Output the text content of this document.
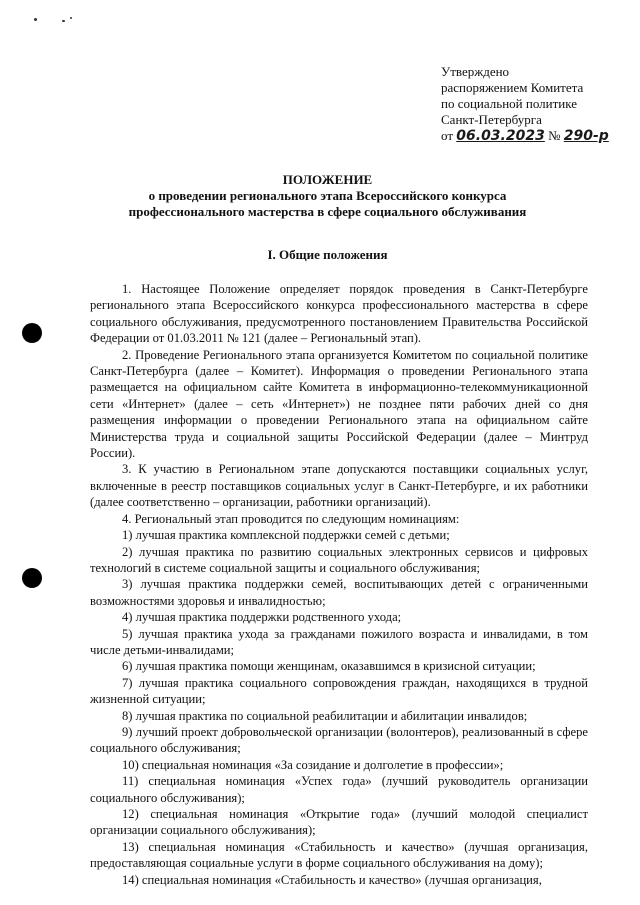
Утверждено
распоряжением Комитета
по социальной политике
Санкт-Петербурга
от 06.03.2023 № 290-р
ПОЛОЖЕНИЕ
о проведении регионального этапа Всероссийского конкурса профессионального мастерства в сфере социального обслуживания
I. Общие положения

1. Настоящее Положение определяет порядок проведения в Санкт-Петербурге регионального этапа Всероссийского конкурса профессионального мастерства в сфере социального обслуживания, предусмотренного постановлением Правительства Российской Федерации от 01.03.2011 № 121 (далее – Региональный этап).

2. Проведение Регионального этапа организуется Комитетом по социальной политике Санкт-Петербурга (далее – Комитет). Информация о проведении Регионального этапа размещается на официальном сайте Комитета в информационно-телекоммуникационной сети «Интернет» (далее – сеть «Интернет») не позднее пяти рабочих дней со дня размещения информации о проведении Регионального этапа на официальном сайте Министерства труда и социальной защиты Российской Федерации (далее – Минтруд России).

3. К участию в Региональном этапе допускаются поставщики социальных услуг, включенные в реестр поставщиков социальных услуг в Санкт-Петербурге, и их работники (далее соответственно – организации, работники организаций).

4. Региональный этап проводится по следующим номинациям:

1) лучшая практика комплексной поддержки семей с детьми;

2) лучшая практика по развитию социальных электронных сервисов и цифровых технологий в системе социальной защиты и социального обслуживания;

3) лучшая практика поддержки семей, воспитывающих детей с ограниченными возможностями здоровья и инвалидностью;

4) лучшая практика поддержки родственного ухода;

5) лучшая практика ухода за гражданами пожилого возраста и инвалидами, в том числе детьми-инвалидами;

6) лучшая практика помощи женщинам, оказавшимся в кризисной ситуации;

7) лучшая практика социального сопровождения граждан, находящихся в трудной жизненной ситуации;

8) лучшая практика по социальной реабилитации и абилитации инвалидов;

9) лучший проект добровольческой организации (волонтеров), реализованный в сфере социального обслуживания;

10) специальная номинация «За созидание и долголетие в профессии»;

11) специальная номинация «Успех года» (лучший руководитель организации социального обслуживания);

12) специальная номинация «Открытие года» (лучший молодой специалист организации социального обслуживания);

13) специальная номинация «Стабильность и качество» (лучшая организация, предоставляющая социальные услуги в форме социального обслуживания на дому);

14) специальная номинация «Стабильность и качество» (лучшая организация,
